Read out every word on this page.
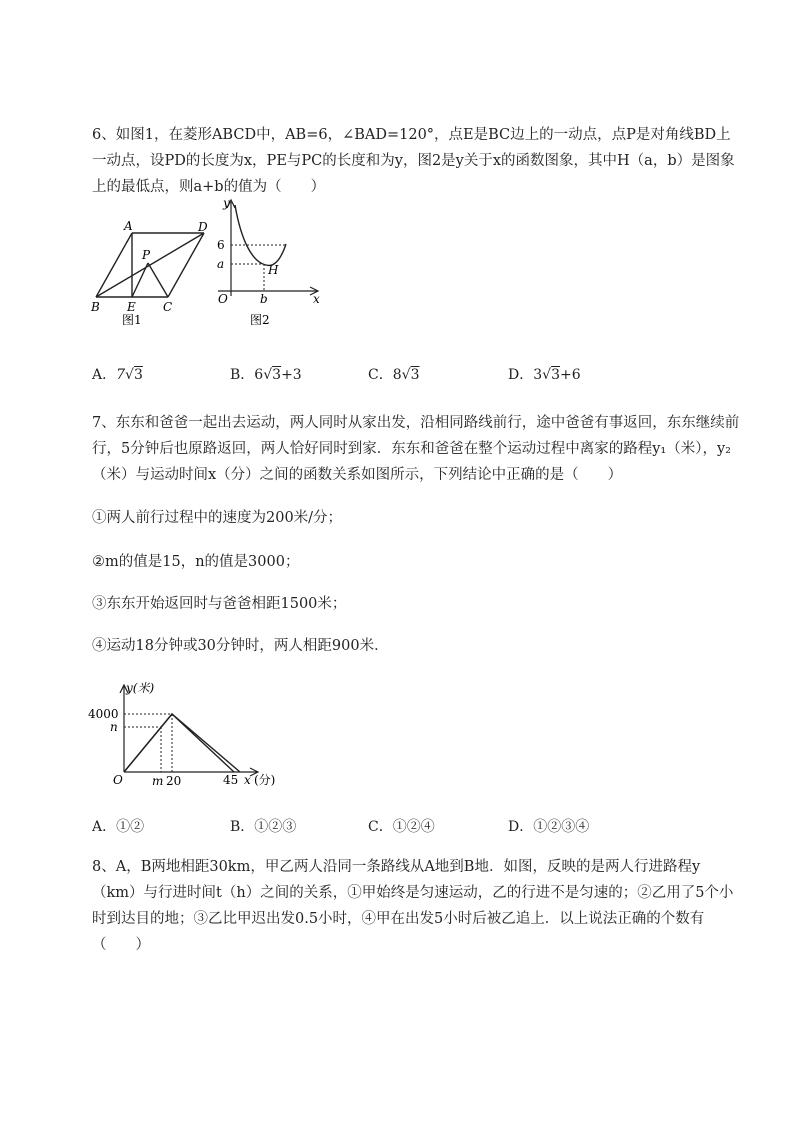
6、如图1，在菱形ABCD中，AB=6，∠BAD=120°，点E是BC边上的一动点，点P是对角线BD上一动点，设PD的长度为x，PE与PC的长度和为y，图2是y关于x的函数图象，其中H（a，b）是图象上的最低点，则a+b的值为（　　）

A	D
P
B E C
图1
y
6
a	H
O	b	x
图2
A．7√3	B．6√3+3	C．8√3	D．3√3+6

7、东东和爸爸一起出去运动，两人同时从家出发，沿相同路线前行，途中爸爸有事返回，东东继续前行，5分钟后也原路返回，两人恰好同时到家．东东和爸爸在整个运动过程中离家的路程y₁（米），y₂（米）与运动时间x（分）之间的函数关系如图所示，下列结论中正确的是（　　）

①两人前行过程中的速度为200米/分；

②m的值是15，n的值是3000；

③东东开始返回时与爸爸相距1500米；

④运动18分钟或30分钟时，两人相距900米．

y(米)
4000
n
O m 20	45 x (分)
A．①②	B．①②③	C．①②④	D．①②③④

8、A，B两地相距30km，甲乙两人沿同一条路线从A地到B地．如图，反映的是两人行进路程y（km）与行进时间t（h）之间的关系，①甲始终是匀速运动，乙的行进不是匀速的；②乙用了5个小时到达目的地；③乙比甲迟出发0.5小时，④甲在出发5小时后被乙追上．以上说法正确的个数有（　　）
